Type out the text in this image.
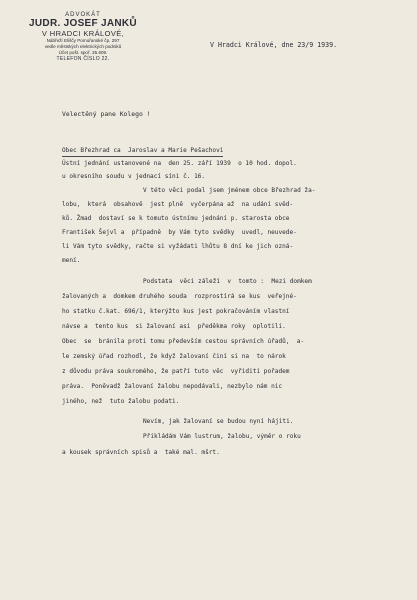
ADVOKÁT
JUDR. JOSEF JANKŮ
V HRADCI KRÁLOVÉ,
Nábřeží Eliščy Pomořanské čp. 297
vedle městských elektrických podniků
Účet pošt. spoř. 35.609.
TELEFON ČÍSLO 22.
V Hradci Králové, dne 23/9 1939.
Velectěný pane Kolego !
Obec Březhrad ca  Jaroslav a Marie Pešachovi
Ústní jednání ustanovené na  den 25. září 1939  o 10 hod. dopol.
u okresního soudu v jednací síni č. 16.
V této věci podal jsem jménem obce Březhrad ža-
lobu,  která  obsahově  jest plně  vyčerpána až  na udání svěd-
ků. Žmad  dostaví se k tomuto ústnímu jednání p. starosta obce
František Šejvl a  případně  by Vám tyto svědky  uvedl, neuvede-
li Vám tyto svědky, račte si vyžádati lhůtu 8 dní ke jich ozná-
mení.
Podstata  věci záleží  v  tomto :  Mezi domkem
žalovaných a  domkem druhého souda  rozprostírá se kus  veřejné-
ho statku č.kat. 696/1, kterýžto kus jest pokračováním vlastní
návse a  tento kus  si žalovaní asi  předěkma roky  oplotili.
Obec  se  bránila proti tomu především cestou správních úřadů,  a-
le zemský úřad rozhodl, že když žalovaní činí si na  to nárok
z důvodu práva soukromého, že patří tuto věc  vyřiditi pořadem
práva.  Poněvadž žalovaní žalobu nepodávali, nezbylo nám nic
jiného, než  tuto žalobu podati.
Nevím, jak žalovaní se budou nyní hájiti.
Přikládám Vám lustrum, žalobu, výměr o roku
a kousek správních spisů a  také mal. mšrt.
